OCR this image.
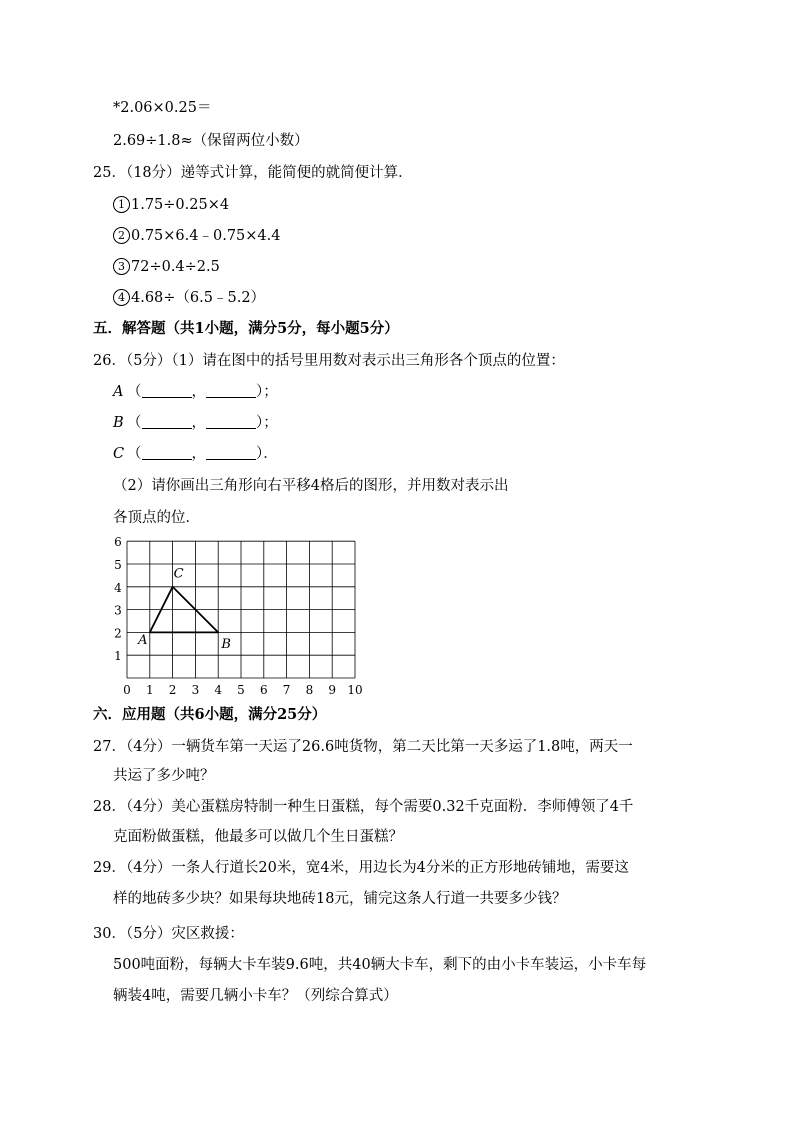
*2.06×0.25＝
2.69÷1.8≈（保留两位小数）
25．（18分）递等式计算，能简便的就简便计算．
1 1.75÷0.25×4
2 0.75×6.4﹣0.75×4.4
3 72÷0.4÷2.5
4 4.68÷（6.5﹣5.2）
五．解答题（共1小题，满分5分，每小题5分）
26．（5分）（1）请在图中的括号里用数对表示出三角形各个顶点的位置：
A （	，	）；
B （	，	）；
C （	，	）．
（2）请你画出三角形向右平移4格后的图形，并用数对表示出
各顶点的位．
0 1 2 3 4 5 6 7 8 9 10
1
2
3
4
5
6
A	B
C
六．应用题（共6小题，满分25分）
27．（4分）一辆货车第一天运了26.6吨货物，第二天比第一天多运了1.8吨，两天一
共运了多少吨？
28．（4分）美心蛋糕房特制一种生日蛋糕，每个需要0.32千克面粉．李师傅领了4千
克面粉做蛋糕，他最多可以做几个生日蛋糕？
29．（4分）一条人行道长20米，宽4米，用边长为4分米的正方形地砖铺地，需要这
样的地砖多少块？如果每块地砖18元，铺完这条人行道一共要多少钱？
30．（5分）灾区救援：
500吨面粉，每辆大卡车装9.6吨，共40辆大卡车，剩下的由小卡车装运，小卡车每
辆装4吨，需要几辆小卡车？（列综合算式）
